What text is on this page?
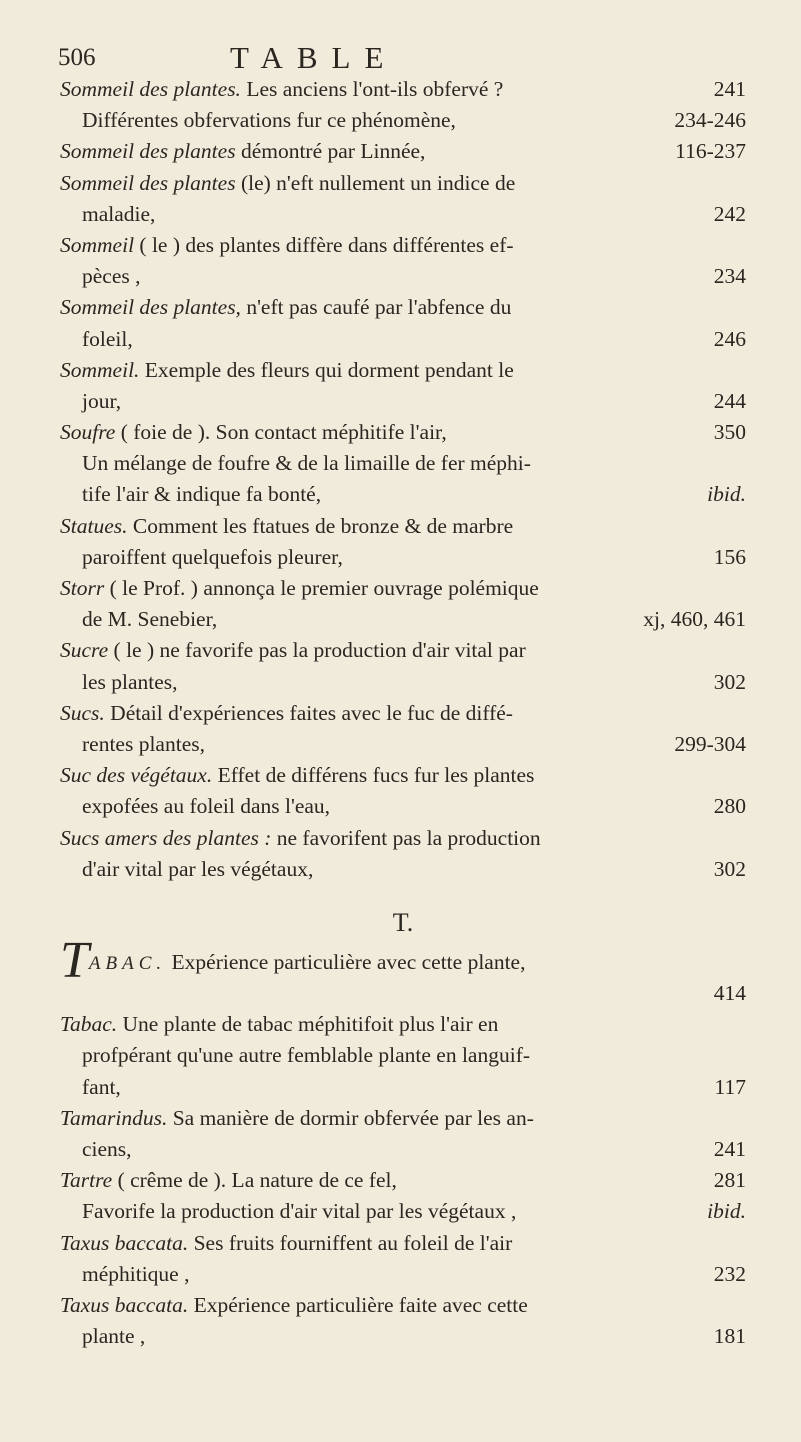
506	TABLE
Sommeil des plantes. Les anciens l'ont-ils obfervé ?	241
Différentes obfervations fur ce phénomène,	234-246
Sommeil des plantes démontré par Linnée,	116-237
Sommeil des plantes (le) n'eft nullement un indice de
maladie,	242
Sommeil ( le ) des plantes diffère dans différentes ef-
pèces ,	234
Sommeil des plantes, n'eft pas caufé par l'abfence du
foleil,	246
Sommeil. Exemple des fleurs qui dorment pendant le
jour,	244
Soufre ( foie de ). Son contact méphitife l'air,	350
Un mélange de foufre & de la limaille de fer méphi-
tife l'air & indique fa bonté,	ibid.
Statues. Comment les ftatues de bronze & de marbre
paroiffent quelquefois pleurer,	156
Storr ( le Prof. ) annonça le premier ouvrage polémique
de M. Senebier,	xj, 460, 461
Sucre ( le ) ne favorife pas la production d'air vital par
les plantes,	302
Sucs. Détail d'expériences faites avec le fuc de diffé-
rentes plantes,	299-304
Suc des végétaux. Effet de différens fucs fur les plantes
expofées au foleil dans l'eau,	280
Sucs amers des plantes : ne favorifent pas la production
d'air vital par les végétaux,	302
T.
TABAC. Expérience particulière avec cette plante,
414
Tabac. Une plante de tabac méphitifoit plus l'air en
profpérant qu'une autre femblable plante en languif-
fant,	117
Tamarindus. Sa manière de dormir obfervée par les an-
ciens,	241
Tartre ( crême de ). La nature de ce fel,	281
Favorife la production d'air vital par les végétaux ,	ibid.
Taxus baccata. Ses fruits fourniffent au foleil de l'air
méphitique ,	232
Taxus baccata. Expérience particulière faite avec cette
plante ,	181
